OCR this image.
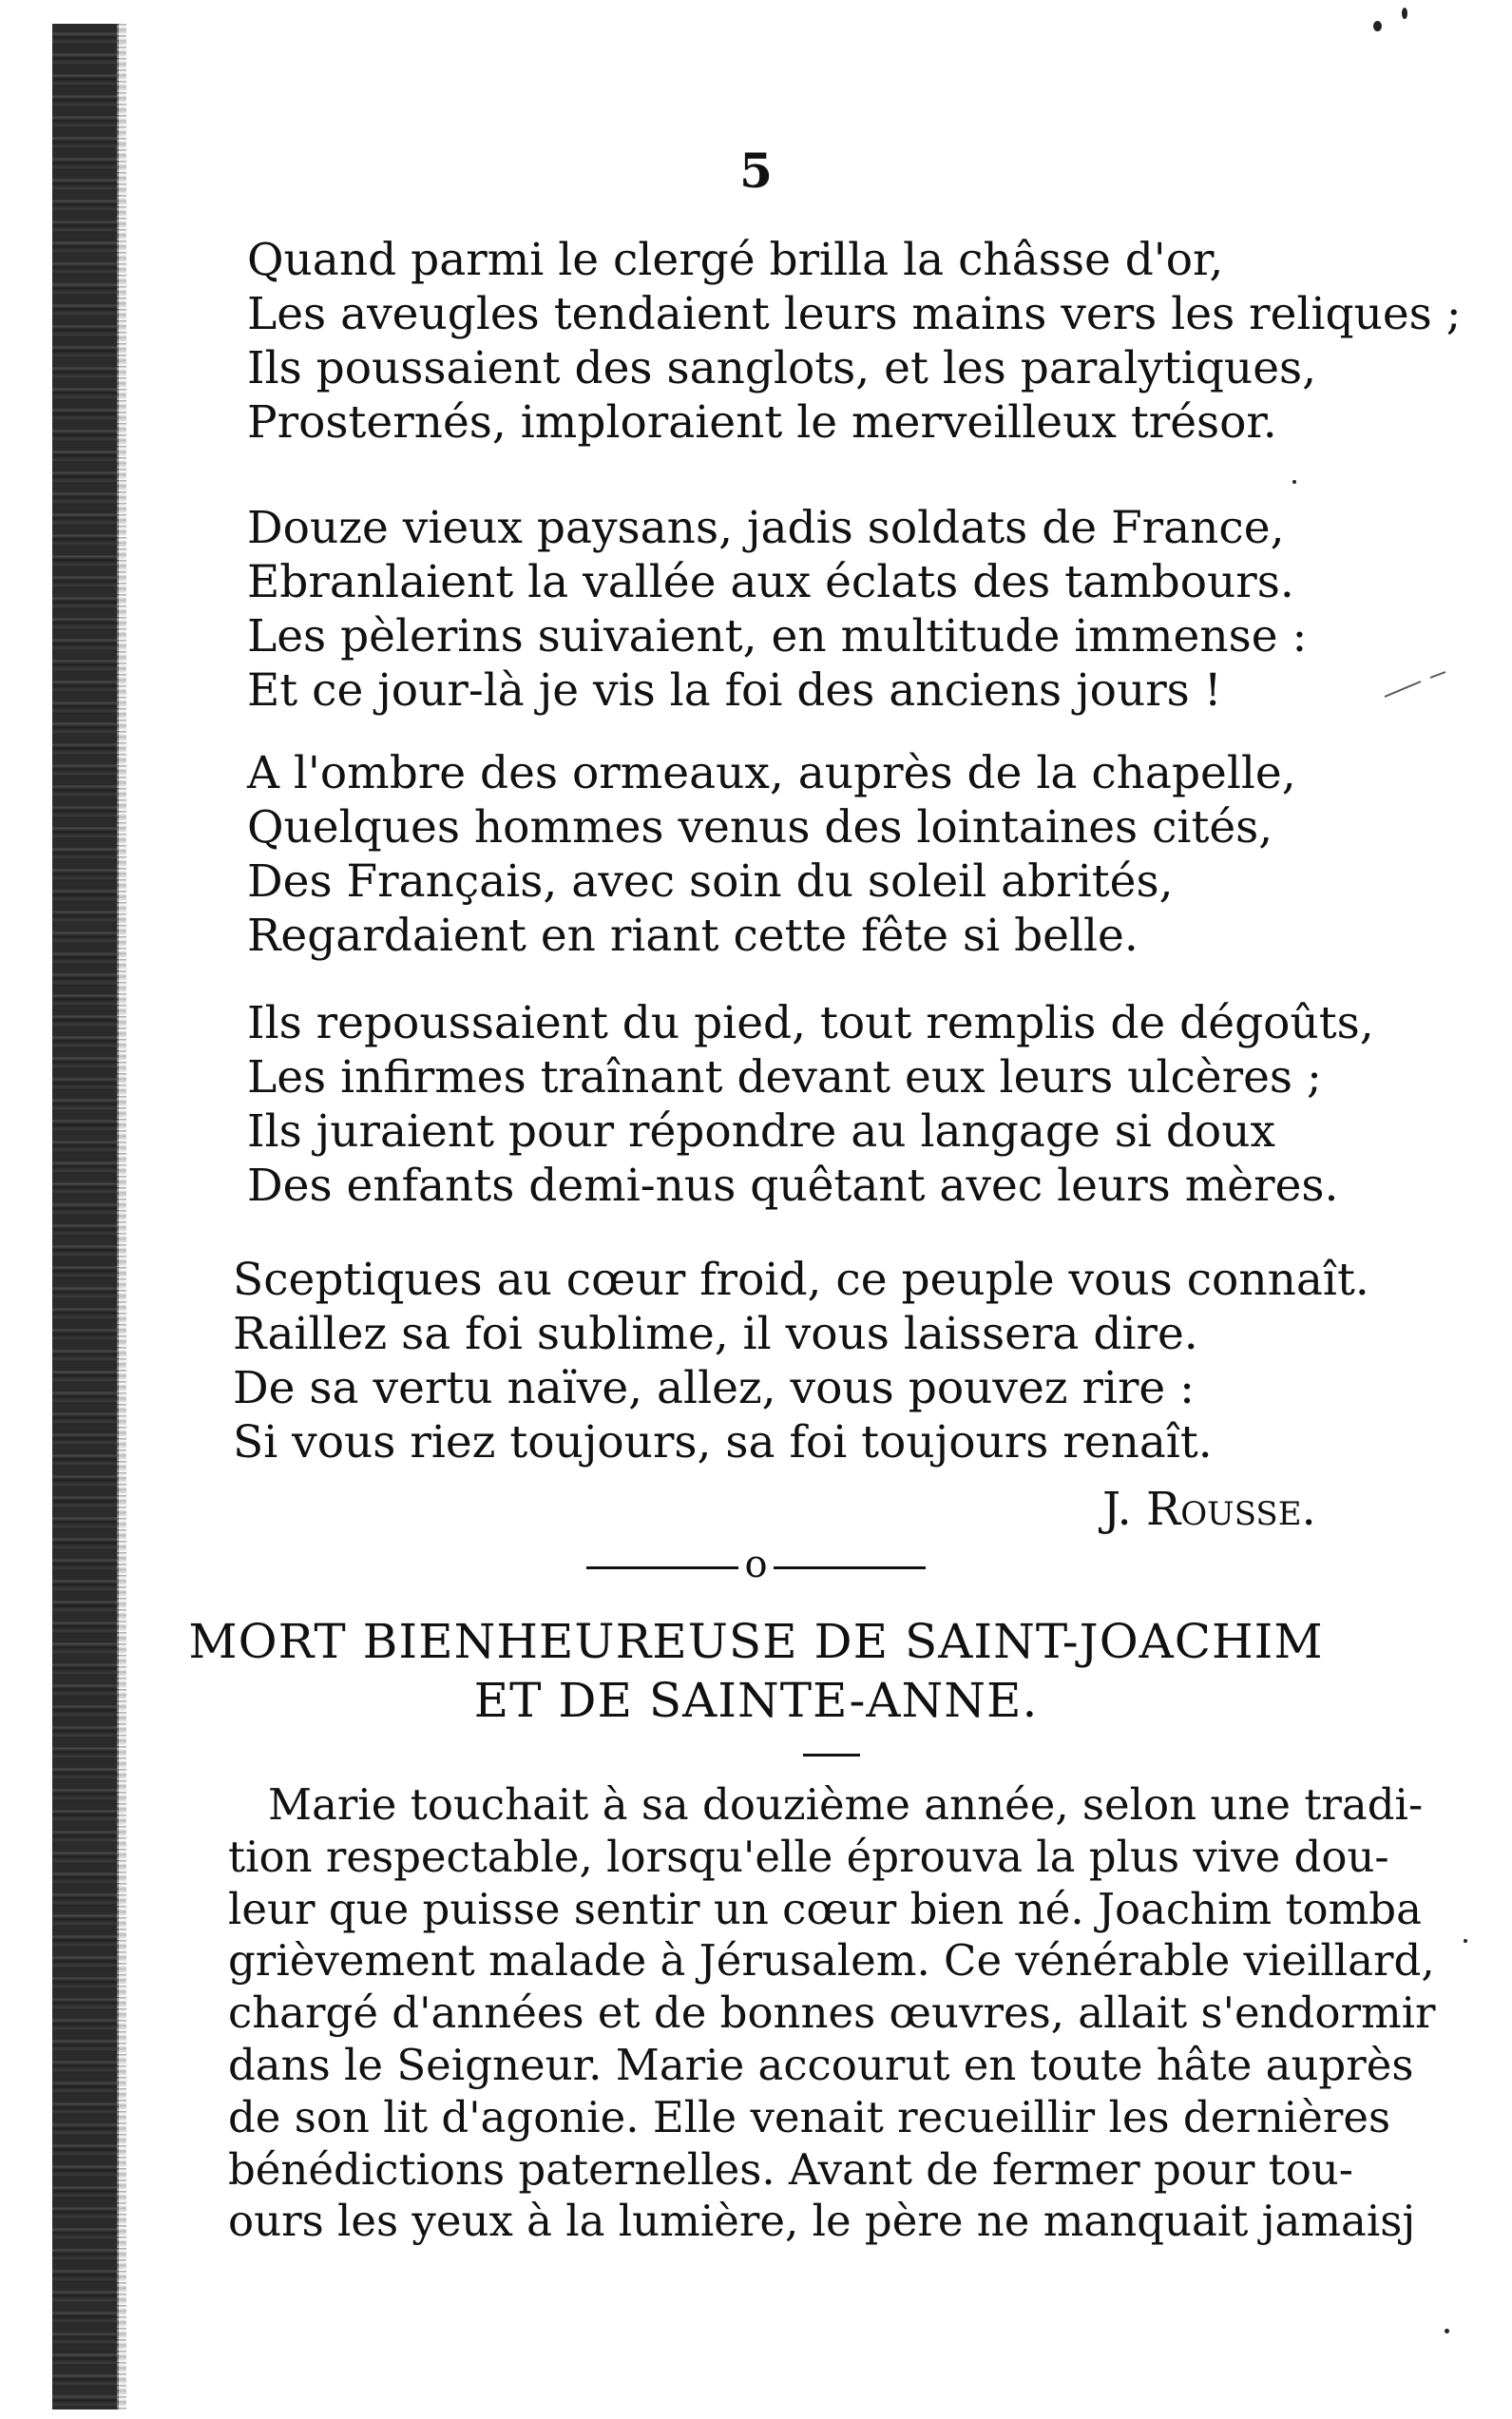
5
Quand parmi le clergé brilla la châsse d'or,
Les aveugles tendaient leurs mains vers les reliques ;
Ils poussaient des sanglots, et les paralytiques,
Prosternés, imploraient le merveilleux trésor.
Douze vieux paysans, jadis soldats de France,
Ebranlaient la vallée aux éclats des tambours.
Les pèlerins suivaient, en multitude immense :
Et ce jour-là je vis la foi des anciens jours !
A l'ombre des ormeaux, auprès de la chapelle,
Quelques hommes venus des lointaines cités,
Des Français, avec soin du soleil abrités,
Regardaient en riant cette fête si belle.
Ils repoussaient du pied, tout remplis de dégoûts,
Les infirmes traînant devant eux leurs ulcères ;
Ils juraient pour répondre au langage si doux
Des enfants demi-nus quêtant avec leurs mères.
Sceptiques au cœur froid, ce peuple vous connaît.
Raillez sa foi sublime, il vous laissera dire.
De sa vertu naïve, allez, vous pouvez rire :
Si vous riez toujours, sa foi toujours renaît.
J. Rousse.
o
MORT BIENHEUREUSE DE SAINT-JOACHIM
ET DE SAINTE-ANNE.
Marie touchait à sa douzième année, selon une tradi-
tion respectable, lorsqu'elle éprouva la plus vive dou-
leur que puisse sentir un cœur bien né. Joachim tomba
grièvement malade à Jérusalem. Ce vénérable vieillard,
chargé d'années et de bonnes œuvres, allait s'endormir
dans le Seigneur. Marie accourut en toute hâte auprès
de son lit d'agonie. Elle venait recueillir les dernières
bénédictions paternelles. Avant de fermer pour tou-
ours les yeux à la lumière, le père ne manquait jamaisj
